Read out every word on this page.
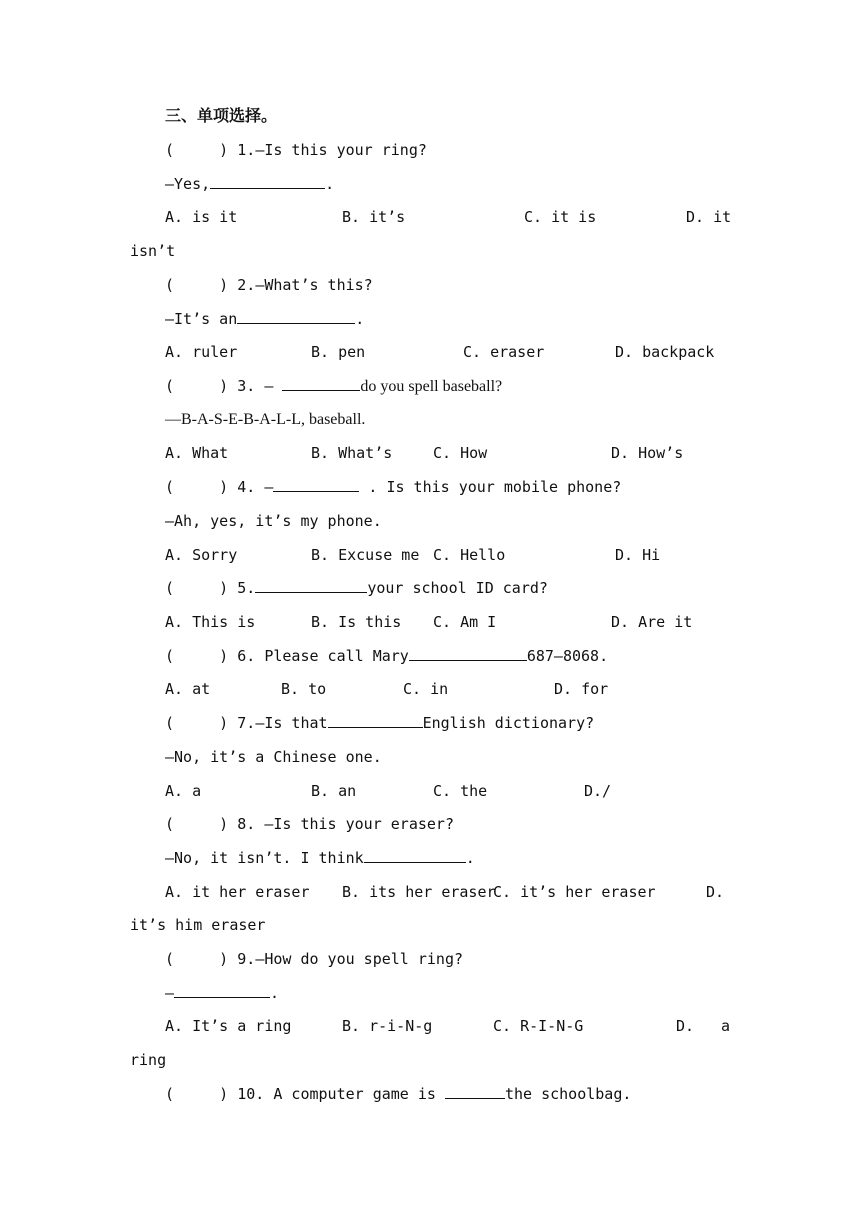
三、单项选择。
(     ) 1.—Is this your ring?
—Yes,	.
A. is it	B. it’s	C. it is	D. it
isn’t
(     ) 2.—What’s this?
—It’s an	.
A. ruler	B. pen	C. eraser	D. backpack
(     ) 3. —	do you spell baseball?
—B-A-S-E-B-A-L-L, baseball.
A. What	B. What’s	C. How	D. How’s
(     ) 4. —	. Is this your mobile phone?
—Ah, yes, it’s my phone.
A. Sorry	B. Excuse me C. Hello	D. Hi
(     ) 5.	your school ID card?
A. This is	B. Is this C. Am I	D. Are it
(     ) 6. Please call Mary	687—8068.
A. at	B. to	C. in	D. for
(     ) 7.—Is that	English dictionary?
—No, it’s a Chinese one.
A. a	B. an	C. the	D./
(     ) 8. —Is this your eraser?
—No, it isn’t. I think	.
A. it her eraser B. its her eraser
C. it’s her eraser	D.
it’s him eraser
(     ) 9.—How do you spell ring?
—	.
A. It’s a ring	B. r-i-N-g	C. R-I-N-G	D. a
ring
(     ) 10. A computer game is	the schoolbag.
